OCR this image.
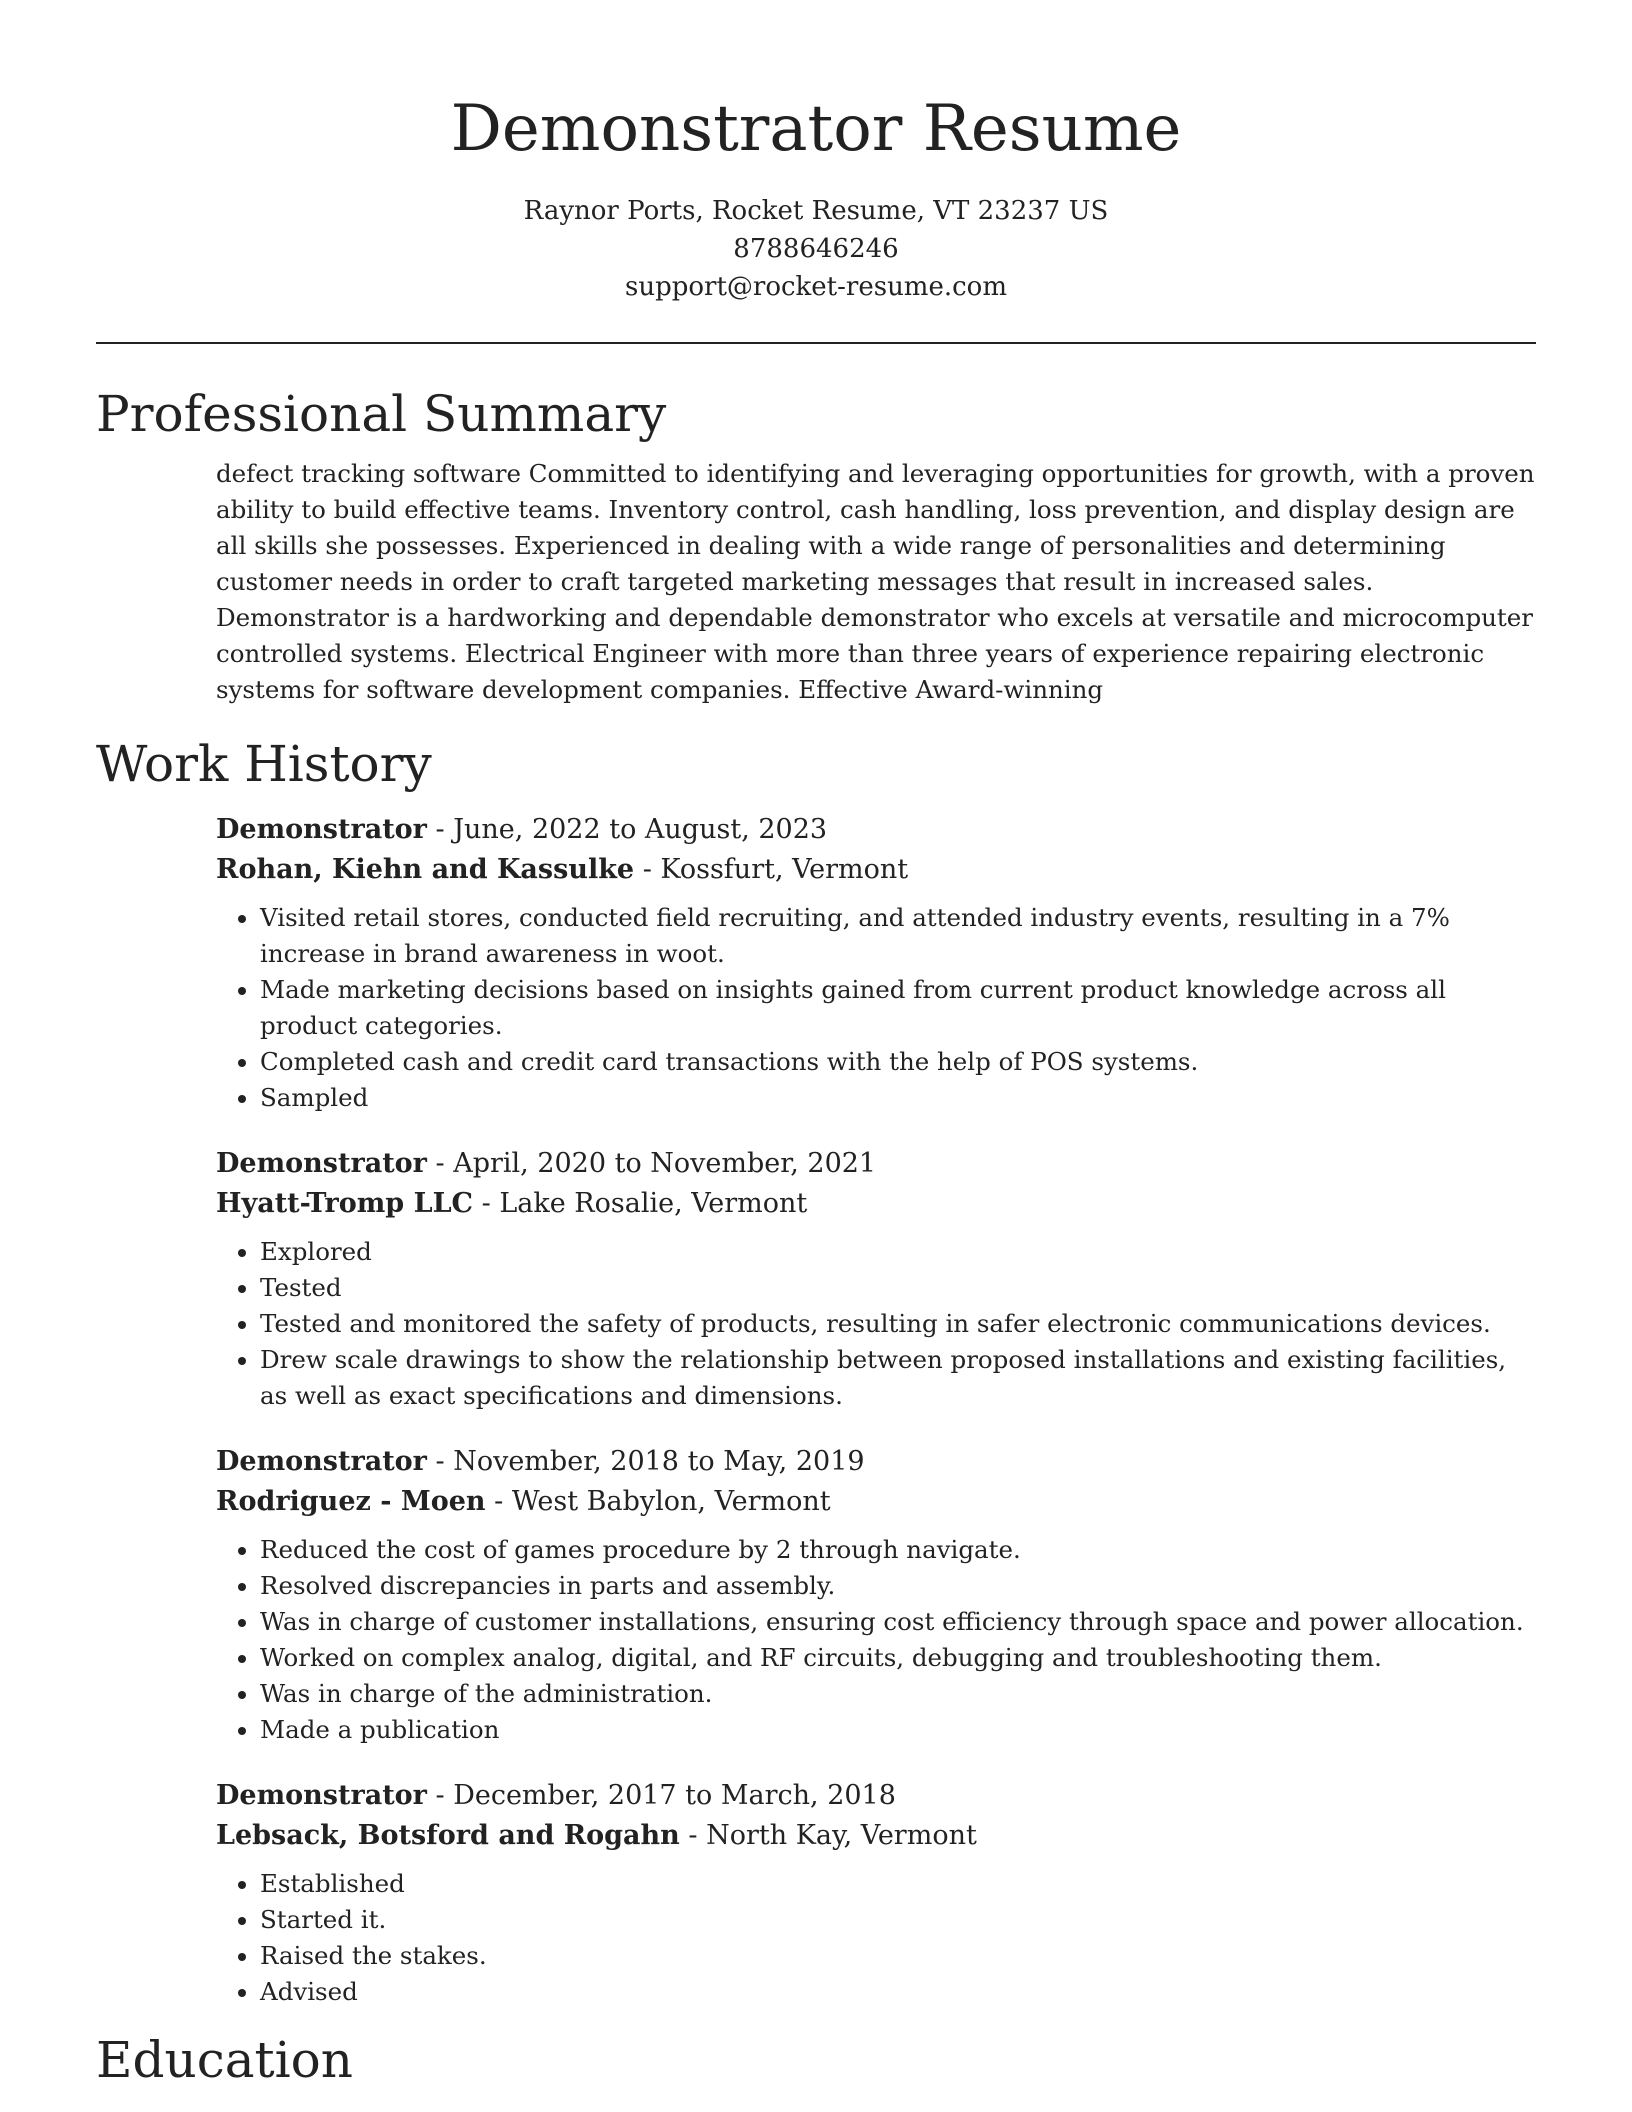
Demonstrator Resume
Raynor Ports, Rocket Resume, VT 23237 US
8788646246
support@rocket-resume.com
Professional Summary

defect tracking software Committed to identifying and leveraging opportunities for growth, with a proven ability to build effective teams. Inventory control, cash handling, loss prevention, and display design are all skills she possesses. Experienced in dealing with a wide range of personalities and determining customer needs in order to craft targeted marketing messages that result in increased sales. Demonstrator is a hardworking and dependable demonstrator who excels at versatile and microcomputer controlled systems. Electrical Engineer with more than three years of experience repairing electronic systems for software development companies. Effective Award-winning

Work History
Demonstrator - June, 2022 to August, 2023
Rohan, Kiehn and Kassulke - Kossfurt, Vermont
• Visited retail stores, conducted field recruiting, and attended industry events, resulting in a 7% increase in brand awareness in woot.
• Made marketing decisions based on insights gained from current product knowledge across all product categories.
• Completed cash and credit card transactions with the help of POS systems.
• Sampled
Demonstrator - April, 2020 to November, 2021
Hyatt-Tromp LLC - Lake Rosalie, Vermont
• Explored
• Tested
• Tested and monitored the safety of products, resulting in safer electronic communications devices.
• Drew scale drawings to show the relationship between proposed installations and existing facilities, as well as exact specifications and dimensions.
Demonstrator - November, 2018 to May, 2019
Rodriguez - Moen - West Babylon, Vermont
• Reduced the cost of games procedure by 2 through navigate.
• Resolved discrepancies in parts and assembly.
• Was in charge of customer installations, ensuring cost efficiency through space and power allocation.
• Worked on complex analog, digital, and RF circuits, debugging and troubleshooting them.
• Was in charge of the administration.
• Made a publication
Demonstrator - December, 2017 to March, 2018
Lebsack, Botsford and Rogahn - North Kay, Vermont
• Established
• Started it.
• Raised the stakes.
• Advised
Education
